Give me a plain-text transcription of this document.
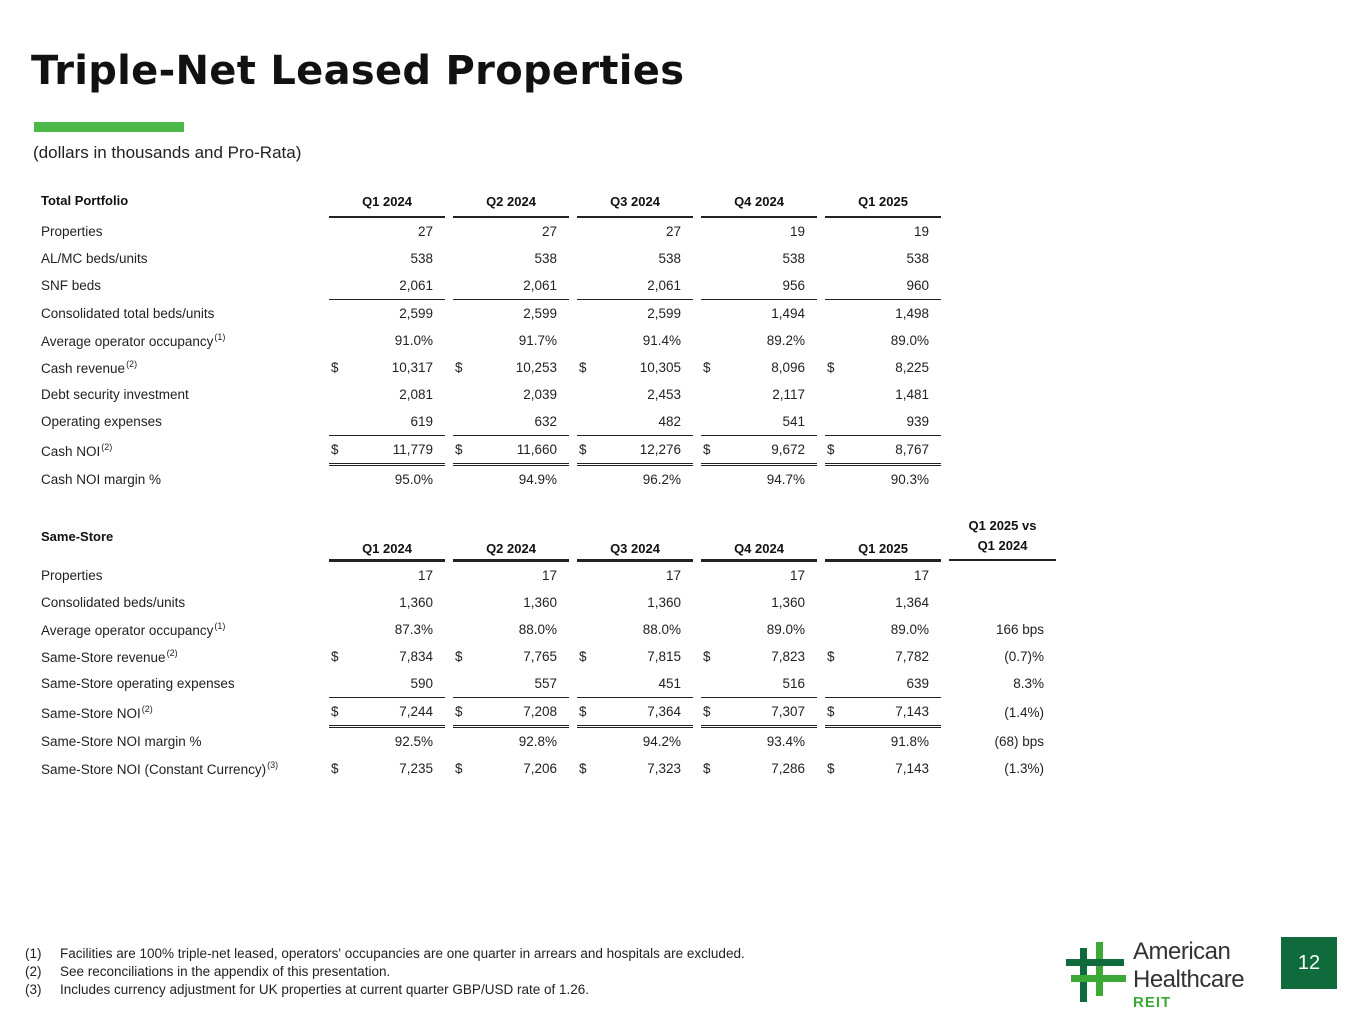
Triple-Net Leased Properties
(dollars in thousands and Pro-Rata)
Total Portfolio		Q1 2024			Q2 2024			Q3 2024			Q4 2024			Q1 2025	
Properties			27			27			27			19			19
AL/MC beds/units			538			538			538			538			538
SNF beds			2,061			2,061			2,061			956			960
Consolidated total beds/units			2,599			2,599			2,599			1,494			1,498
Average operator occupancy$^{(1)}$			91.0%			91.7%			91.4%			89.2%			89.0%
Cash revenue$^{(2)}$		$	10,317		$	10,253		$	10,305		$	8,096		$	8,225
Debt security investment			2,081			2,039			2,453			2,117			1,481
Operating expenses			619			632			482			541			939
Cash NOI$^{(2)}$		$	11,779		$	11,660		$	12,276		$	9,672		$	8,767
Cash NOI margin %			95.0%			94.9%			96.2%			94.7%			90.3%
Same-Store		Q1 2024			Q2 2024			Q3 2024			Q4 2024			Q1 2025			Q1 2025 vs
Q1 2024

Properties			17			17			17			17			17		
Consolidated beds/units			1,360			1,360			1,360			1,360			1,364		
Average operator occupancy$^{(1)}$			87.3%			88.0%			88.0%			89.0%			89.0%		166 bps
Same-Store revenue$^{(2)}$		$	7,834		$	7,765		$	7,815		$	7,823		$	7,782		(0.7)%
Same-Store operating expenses			590			557			451			516			639		8.3%
Same-Store NOI$^{(2)}$		$	7,244		$	7,208		$	7,364		$	7,307		$	7,143		(1.4%)
Same-Store NOI margin %			92.5%			92.8%			94.2%			93.4%			91.8%		(68) bps
Same-Store NOI (Constant Currency)$^{(3)}$		$	7,235		$	7,206		$	7,323		$	7,286		$	7,143		(1.3%)
(1)	Facilities are 100% triple-net leased, operators' occupancies are one quarter in arrears and hospitals are excluded.
(2)	See reconciliations in the appendix of this presentation.
(3)	Includes currency adjustment for UK properties at current quarter GBP/USD rate of 1.26.
American
Healthcare
REIT
12
